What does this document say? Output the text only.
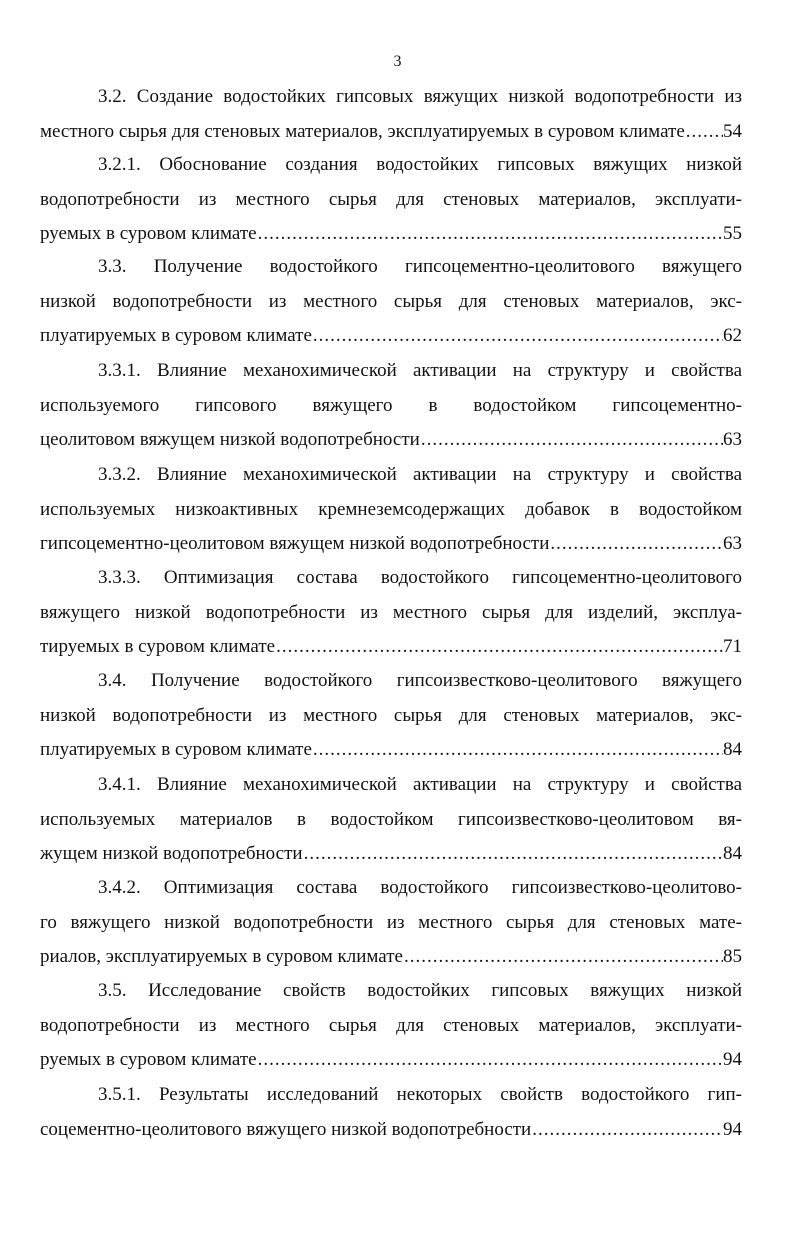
3
3.2. Создание водостойких гипсовых вяжущих низкой водопотребности из
местного сырья для стеновых материалов, эксплуатируемых в суровом климате ..... 54
3.2.1. Обоснование создания водостойких гипсовых вяжущих низкой
водопотребности из местного сырья для стеновых материалов, эксплуати-
руемых в суровом климате .....	55
3.3. Получение водостойкого гипсоцементно-цеолитового вяжущего
низкой водопотребности из местного сырья для стеновых материалов, экс-
плуатируемых в суровом климате .....	62
3.3.1. Влияние механохимической активации на структуру и свойства
используемого гипсового вяжущего в водостойком гипсоцементно-
цеолитовом вяжущем низкой водопотребности .....	63
3.3.2. Влияние механохимической активации на структуру и свойства
используемых низкоактивных кремнеземсодержащих добавок в водостойком
гипсоцементно-цеолитовом вяжущем низкой водопотребности .....	63
3.3.3. Оптимизация состава водостойкого гипсоцементно-цеолитового
вяжущего низкой водопотребности из местного сырья для изделий, эксплуа-
тируемых в суровом климате .....	71
3.4. Получение водостойкого гипсоизвестково-цеолитового вяжущего
низкой водопотребности из местного сырья для стеновых материалов, экс-
плуатируемых в суровом климате .....	84
3.4.1. Влияние механохимической активации на структуру и свойства
используемых материалов в водостойком гипсоизвестково-цеолитовом вя-
жущем низкой водопотребности .....	84
3.4.2. Оптимизация состава водостойкого гипсоизвестково-цеолитово-
го вяжущего низкой водопотребности из местного сырья для стеновых мате-
риалов, эксплуатируемых в суровом климате .....	85
3.5. Исследование свойств водостойких гипсовых вяжущих низкой
водопотребности из местного сырья для стеновых материалов, эксплуати-
руемых в суровом климате .....	94
3.5.1. Результаты исследований некоторых свойств водостойкого гип-
соцементно-цеолитового вяжущего низкой водопотребности .....	94
